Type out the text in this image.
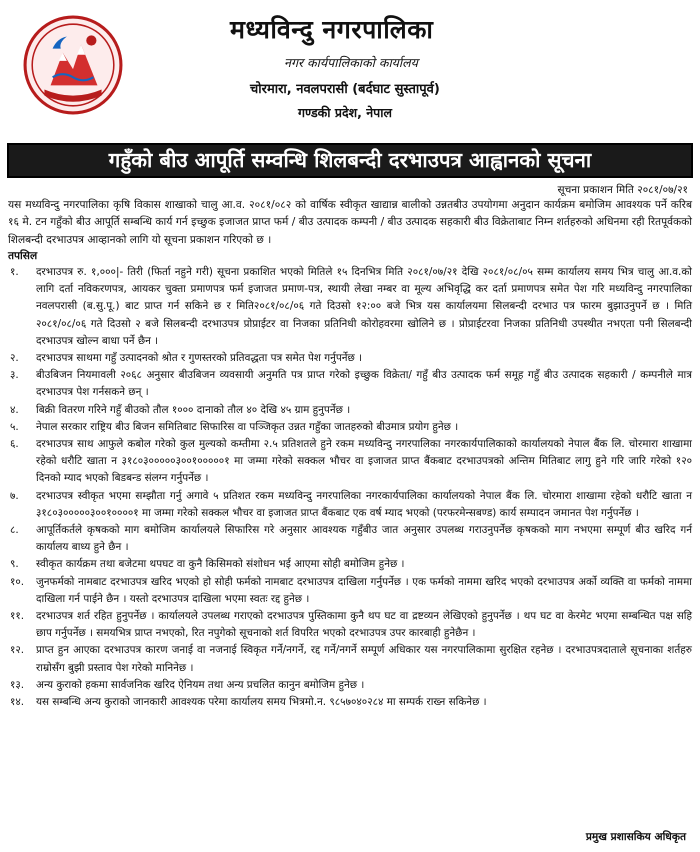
मध्यविन्दु नगरपालिका
नगर कार्यपालिकाको कार्यालय
चोरमारा, नवलपरासी (बर्दघाट सुस्तापूर्व)
गण्डकी प्रदेश, नेपाल
गहुँको बीउ आपूर्ति सम्वन्धि शिलबन्दी दरभाउपत्र आह्वानको सूचना
सूचना प्रकाशन मिति २०८१/०७/२१
यस मध्यविन्दु नगरपालिका कृषि विकास शाखाको चालु आ.व. २०८१/०८२ को वार्षिक स्वीकृत खाद्यान्न बालीको उन्नतबीउ उपयोगमा अनुदान कार्यक्रम बमोजिम आवश्यक पर्ने करिब १६ मे. टन गहुँको बीउ आपूर्ति सम्बन्धि कार्य गर्न इच्छुक इजाजत प्राप्त फर्म / बीउ उत्पादक कम्पनी / बीउ उत्पादक सहकारी बीउ विक्रेताबाट निम्न शर्तहरुको अधिनमा रही रितपूर्वकको शिलबन्दी दरभाउपत्र आव्हानको लागि यो सूचना प्रकाशन गरिएको छ ।
तपसिल
१.	दरभाउपत्र रु. १,०००|- तिरी (फिर्ता नहुने गरी) सूचना प्रकाशित भएको मितिले १५ दिनभित्र मिति २०८१/०७/२१ देखि २०८१/०८/०५ सम्म कार्यालय समय भित्र चालु आ.व.को लागि दर्ता नविकरणपत्र, आयकर चुक्ता प्रमाणपत्र फर्म इजाजत प्रमाण-पत्र, स्थायी लेखा नम्बर वा मूल्य अभिवृद्धि कर दर्ता प्रमाणपत्र समेत पेश गरि मध्यविन्दु नगरपालिका नवलपरासी (ब.सु.पू.) बाट प्राप्त गर्न सकिने छ र मिति२०८१/०८/०६ गते दिउसो १२:०० बजे भित्र यस कार्यालयमा सिलबन्दी दरभाउ पत्र फारम बुझाउनुपर्ने छ । मिति २०८१/०८/०६ गते दिउसो २ बजे सिलबन्दी दरभाउपत्र प्रोप्राईटर वा निजका प्रतिनिधी कोरोहवरमा खोलिने छ । प्रोप्राईटरवा निजका प्रतिनिधी उपस्थीत नभएता पनी सिलबन्दी दरभाउपत्र खोल्न बाधा पर्ने छैन ।
२.	दरभाउपत्र साथमा गहुँ उत्पादनको श्रोत र गुणस्तरको प्रतिवद्धता पत्र समेत पेश गर्नुपर्नेछ ।
३.	बीउबिजन नियमावली २०६८ अनुसार बीउबिजन व्यवसायी अनुमति पत्र प्राप्त गरेको इच्छुक विक्रेता/ गहुँ बीउ उत्पादक फर्म समूह गहुँ बीउ उत्पादक सहकारी / कम्पनीले मात्र दरभाउपत्र पेश गर्नसकने छन् ।
४.	बिक्री वितरण गरिने गहुँ बीउको तौल १००० दानाको तौल ४० देखि ४५ ग्राम हुनुपर्नेछ ।
५.	नेपाल सरकार राष्ट्रिय बीउ बिजन समितिबाट सिफारिस वा पञ्जिकृत उन्नत गहुँका जातहरुको बीउमात्र प्रयोग हुनेछ ।
६.	दरभाउपत्र साथ आफुले कबोल गरेको कुल मुल्यको कम्तीमा २.५ प्रतिशतले हुने रकम मध्यविन्दु नगरपालिका नगरकार्यपालिकाको कार्यालयको नेपाल बैंक लि. चोरमारा शाखामा रहेको धरौटि खाता न ३१८०३०००००३००१०००००१ मा जम्मा गरेको सक्कल भौचर वा इजाजत प्राप्त बैंकबाट दरभाउपत्रको अन्तिम मितिबाट लागु हुने गरि जारि गरेको १२० दिनको म्याद भएको बिडबन्ड संलग्न गर्नुपर्नेछ ।
७.	दरभाउपत्र स्वीकृत भएमा सम्झौता गर्नु अगावे ५ प्रतिशत रकम मध्यविन्दु नगरपालिका नगरकार्यपालिका कार्यालयको नेपाल बैंक लि. चोरमारा शाखामा रहेको धरौटि खाता न ३१८०३०००००३००१००००१ मा जम्मा गरेको सक्कल भौचर वा इजाजत प्राप्त बैंकबाट एक वर्ष म्याद भएको (परफरमेन्सबण्ड) कार्य सम्पादन जमानत पेश गर्नुपर्नेछ ।
८.	आपूर्तिकर्तले कृषकको माग बमोजिम कार्यालयले सिफारिस गरे अनुसार आवश्यक गहुँबीउ जात अनुसार उपलब्ध गराउनुपर्नेछ कृषकको माग नभएमा सम्पूर्ण बीउ खरिद गर्न कार्यालय बाध्य हुने छैन ।
९.	स्वीकृत कार्यक्रम तथा बजेटमा थपघट वा कुनै किसिमको संशोधन भई आएमा सोही बमोजिम हुनेछ ।
१०.	जुनफर्मको नामबाट दरभाउपत्र खरिद भएको हो सोही फर्मको नामबाट दरभाउपत्र दाखिला गर्नुपर्नेछ । एक फर्मको नाममा खरिद भएको दरभाउपत्र अर्को व्यक्ति वा फर्मको नाममा दाखिला गर्न पाईने छैन । यस्तो दरभाउपत्र दाखिला भएमा स्वतः रद्द हुनेछ ।
११.	दरभाउपत्र शर्त रहित हुनुपर्नेछ । कार्यालयले उपलब्ध गराएको दरभाउपत्र पुस्तिकामा कुनै थप घट वा द्रष्टव्यन लेखिएको हुनुपर्नेछ । थप घट वा केरमेट भएमा सम्बन्धित पक्ष सहि छाप गर्नुपर्नेछ । समयभित्र प्राप्त नभएको, रित नपुगेको सूचनाको शर्त विपरित भएको दरभाउपत्र उपर कारबाही हुनेछैन ।
१२.	प्राप्त हुन आएका दरभाउपत्र कारण जनाई वा नजनाई स्विकृत गर्ने/नगर्ने, रद्द गर्ने/नगर्ने सम्पूर्ण अधिकार यस नगरपालिकामा सुरक्षित रहनेछ । दरभाउपत्रदाताले सूचनाका शर्तहरु राम्रोसँग बुझी प्रस्ताव पेश गरेको मानिनेछ ।
१३.	अन्य कुराको हकमा सार्वजनिक खरिद ऐनियम तथा अन्य प्रचलित कानुन बमोजिम हुनेछ ।
१४.	यस सम्बन्धि अन्य कुराको जानकारी आवश्यक परेमा कार्यालय समय भित्रमो.न. ९८५७०४०२८४ मा सम्पर्क राख्न सकिनेछ ।
प्रमुख प्रशासकिय अधिकृत
